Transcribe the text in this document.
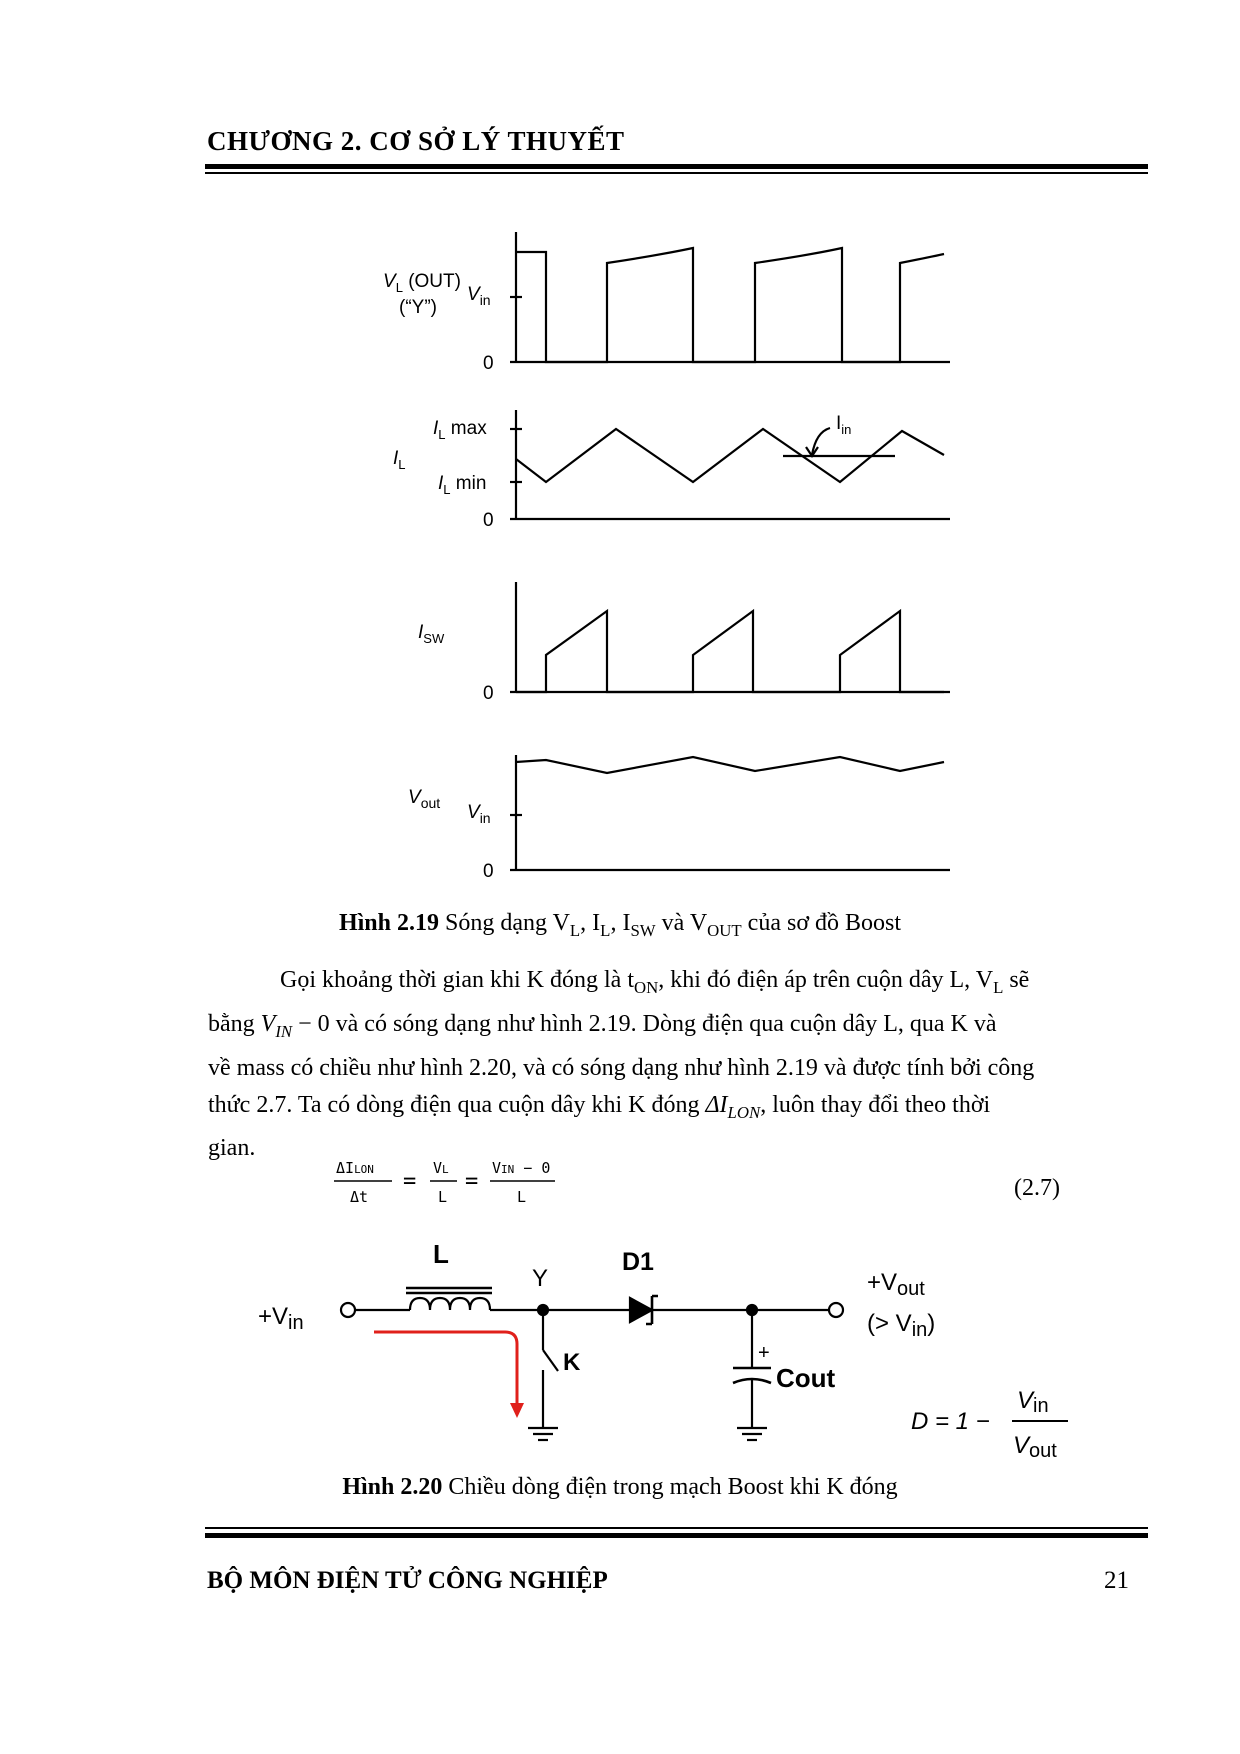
CHƯƠNG 2. CƠ SỞ LÝ THUYẾT
$V_L$ (OUT)
(“Y”)
$V_{in}$
0
$I_L$
$I_L$ max
$I_L$ min
0
$I_{in}$
$I_{SW}$
0
$V_{out}$ $V_{in}$
0
Hình 2.19 Sóng dạng $V_L$, $I_L$, $I_{SW}$ và $V_{OUT}$ của sơ đồ Boost
Gọi khoảng thời gian khi K đóng là $t_{ON}$, khi đó điện áp trên cuộn dây L, $V_L$ sẽ
bằng $V_{IN} - 0$ và có sóng dạng như hình 2.19. Dòng điện qua cuộn dây L, qua K và
về mass có chiều như hình 2.20, và có sóng dạng như hình 2.19 và được tính bởi công
thức 2.7. Ta có dòng điện qua cuộn dây khi K đóng $\Delta I_{LON}$, luôn thay đổi theo thời
gian.
ΔILON
Δt
=
VL
L
=
VIN − 0
L	(2.7)
$+V_{in}$
L
Y
D1
K	+
Cout
$+V_{out}$
(> $V_{in}$)
D = 1 −
Vin
Vout
Hình 2.20 Chiều dòng điện trong mạch Boost khi K đóng
BỘ MÔN ĐIỆN TỬ CÔNG NGHIỆP	21
